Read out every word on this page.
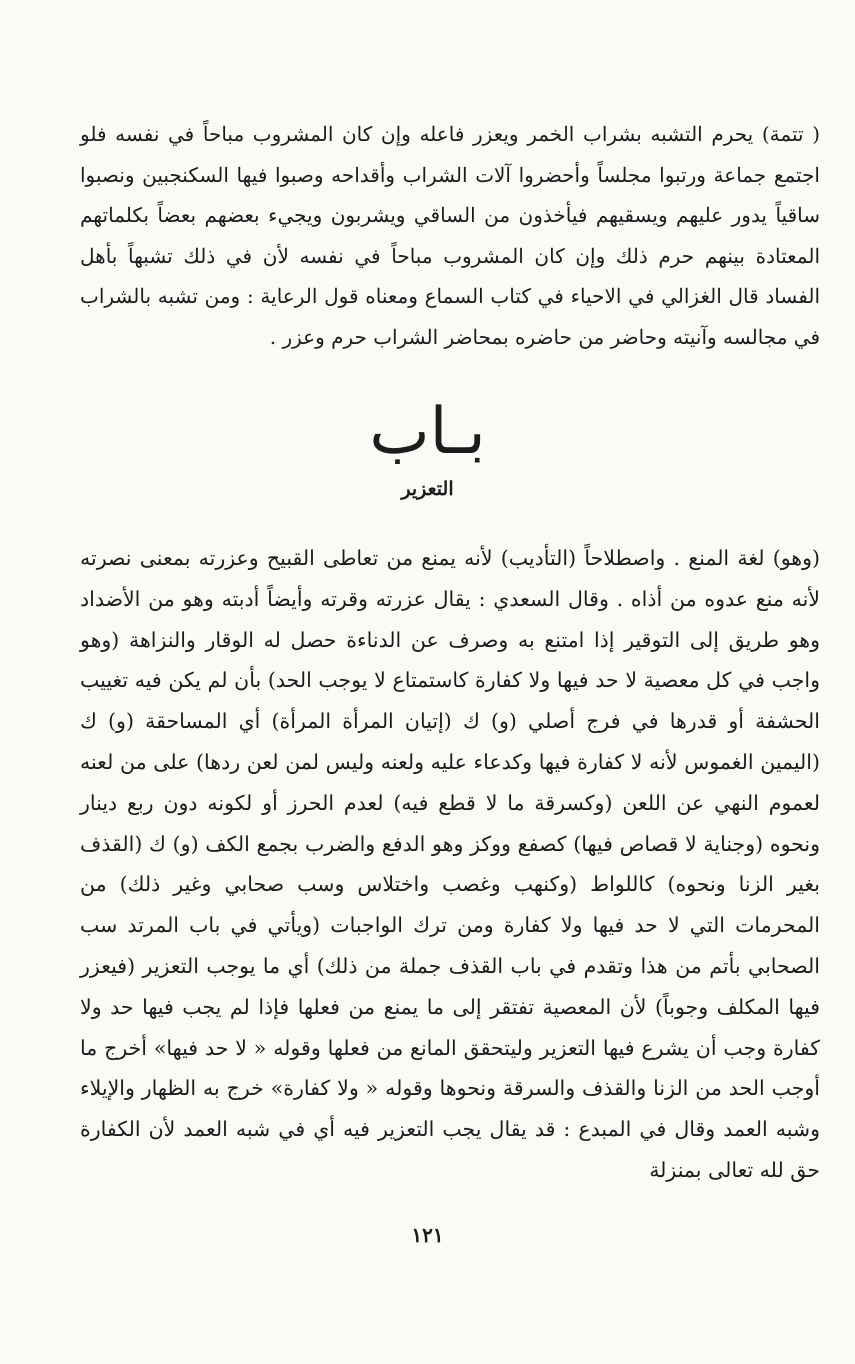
( تتمة) يحرم التشبه بشراب الخمر ويعزر فاعله وإن كان المشروب مباحاً في نفسه فلو اجتمع جماعة ورتبوا مجلساً وأحضروا آلات الشراب وأقداحه وصبوا فيها السكنجبين ونصبوا ساقياً يدور عليهم ويسقيهم فيأخذون من الساقي ويشربون ويجيء بعضهم بعضاً بكلماتهم المعتادة بينهم حرم ذلك وإن كان المشروب مباحاً في نفسه لأن في ذلك تشبهاً بأهل الفساد قال الغزالي في الاحياء في كتاب السماع ومعناه قول الرعاية : ومن تشبه بالشراب في مجالسه وآنيته وحاضر من حاضره بمحاضر الشراب حرم وعزر .

بـاب
التعزير

(وهو) لغة المنع . واصطلاحاً (التأديب) لأنه يمنع من تعاطى القبيح وعزرته بمعنى نصرته لأنه منع عدوه من أذاه . وقال السعدي : يقال عزرته وقرته وأيضاً أدبته وهو من الأضداد وهو طريق إلى التوقير إذا امتنع به وصرف عن الدناءة حصل له الوقار والنزاهة (وهو واجب في كل معصية لا حد فيها ولا كفارة كاستمتاع لا يوجب الحد) بأن لم يكن فيه تغييب الحشفة أو قدرها في فرج أصلي (و) ك (إتيان المرأة المرأة) أي المساحقة (و) ك (اليمين الغموس لأنه لا كفارة فيها وكدعاء عليه ولعنه وليس لمن لعن ردها) على من لعنه لعموم النهي عن اللعن (وكسرقة ما لا قطع فيه) لعدم الحرز أو لكونه دون ربع دينار ونحوه (وجناية لا قصاص فيها) كصفع ووكز وهو الدفع والضرب بجمع الكف (و) ك (القذف بغير الزنا ونحوه) كاللواط (وكنهب وغصب واختلاس وسب صحابي وغير ذلك) من المحرمات التي لا حد فيها ولا كفارة ومن ترك الواجبات (ويأتي في باب المرتد سب الصحابي بأتم من هذا وتقدم في باب القذف جملة من ذلك) أي ما يوجب التعزير (فيعزر فيها المكلف وجوباً) لأن المعصية تفتقر إلى ما يمنع من فعلها فإذا لم يجب فيها حد ولا كفارة وجب أن يشرع فيها التعزير وليتحقق المانع من فعلها وقوله « لا حد فيها» أخرج ما أوجب الحد من الزنا والقذف والسرقة ونحوها وقوله « ولا كفارة» خرج به الظهار والإيلاء وشبه العمد وقال في المبدع : قد يقال يجب التعزير فيه أي في شبه العمد لأن الكفارة حق لله تعالى بمنزلة

١٢١
